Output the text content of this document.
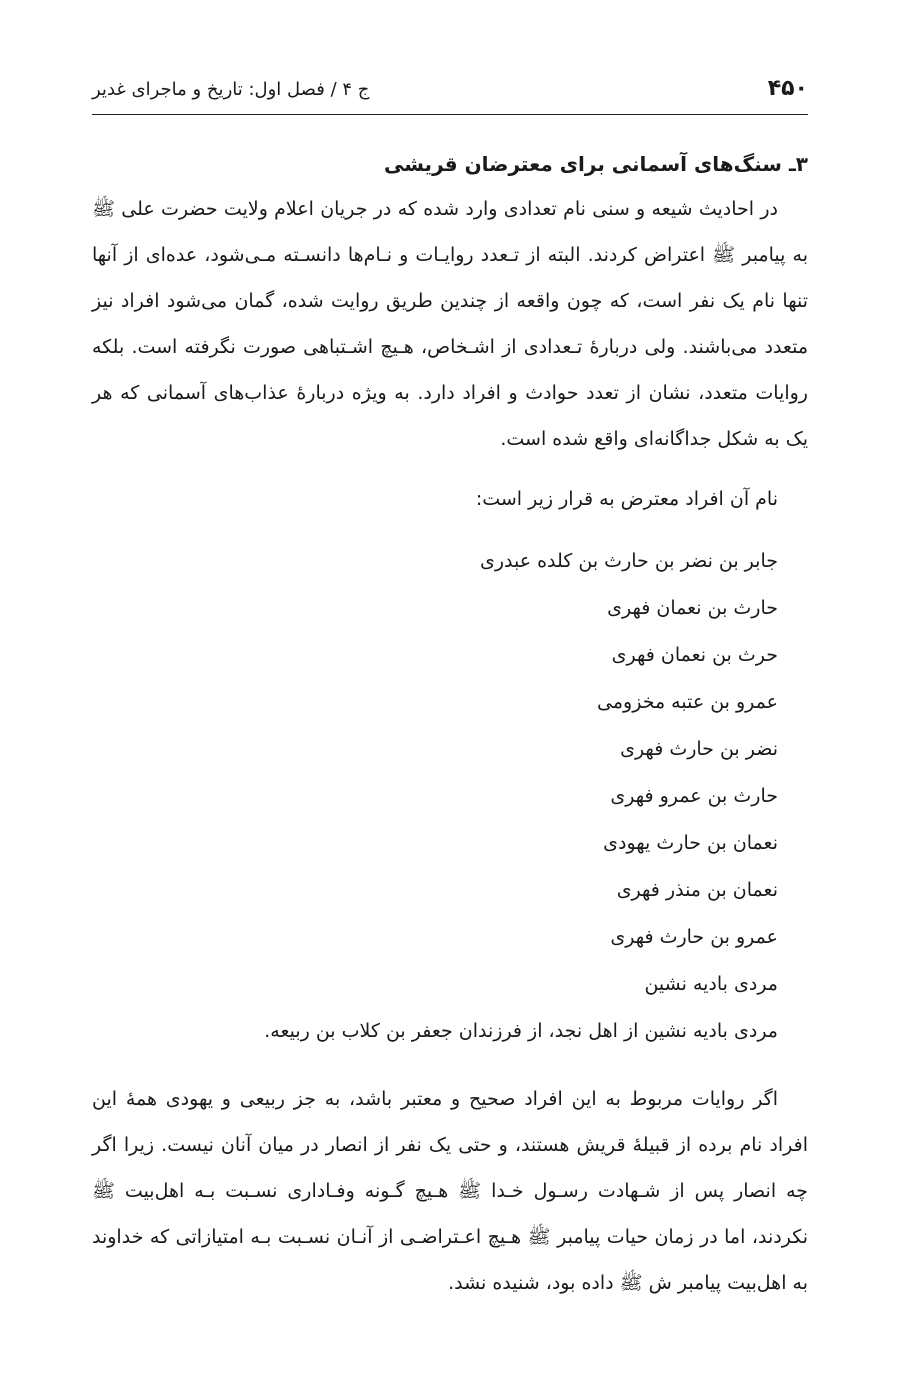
۴۵۰
ج ۴ / فصل اول: تاریخ و ماجرای غدیر
۳ـ سنگ‌های آسمانی برای معترضان قریشی

در احادیث شیعه و سنی نام تعدادی وارد شده که در جریان اعلام ولایت حضرت علی ﷺ به پیامبر ﷺ اعتراض کردند. البته از تـعدد روایـات و نـام‌ها دانسـته مـی‌شود، عده‌ای از آنها تنها نام یک نفر است، که چون واقعه از چندین طریق روایت شده، گمان می‌شود افراد نیز متعدد می‌باشند. ولی دربارهٔ تـعدادی از اشـخاص، هـیچ اشـتباهی صورت نگرفته است. بلکه روایات متعدد، نشان از تعدد حوادث و افراد دارد. به ویژه دربارهٔ عذاب‌های آسمانی که هر یک به شکل جداگانه‌ای واقع شده است.

نام آن افراد معترض به قرار زیر است:

جابر بن نضر بن حارث بن کلده عبدری
حارث بن نعمان فهری
حرث بن نعمان فهری
عمرو بن عتبه مخزومی
نضر بن حارث فهری
حارث بن عمرو فهری
نعمان بن حارث یهودی
نعمان بن منذر فهری
عمرو بن حارث فهری
مردی بادیه نشین
مردی بادیه نشین از اهل نجد، از فرزندان جعفر بن کلاب بن ربیعه.

اگر روایات مربوط به این افراد صحیح و معتبر باشد، به جز ربیعی و یهودی همهٔ این افراد نام برده از قبیلهٔ قریش هستند، و حتی یک نفر از انصار در میان آنان نیست. زیرا اگر چه انصار پس از شـهادت رسـول خـدا ﷺ هـیچ گـونه وفـاداری نسـبت بـه اهل‌بیت ﷺ نکردند، اما در زمان حیات پیامبر ﷺ هـیچ اعـتراضـی از آنـان نسـبت بـه امتیازاتی که خداوند به اهل‌بیت پیامبر ش ﷺ داده بود، شنیده نشد.
